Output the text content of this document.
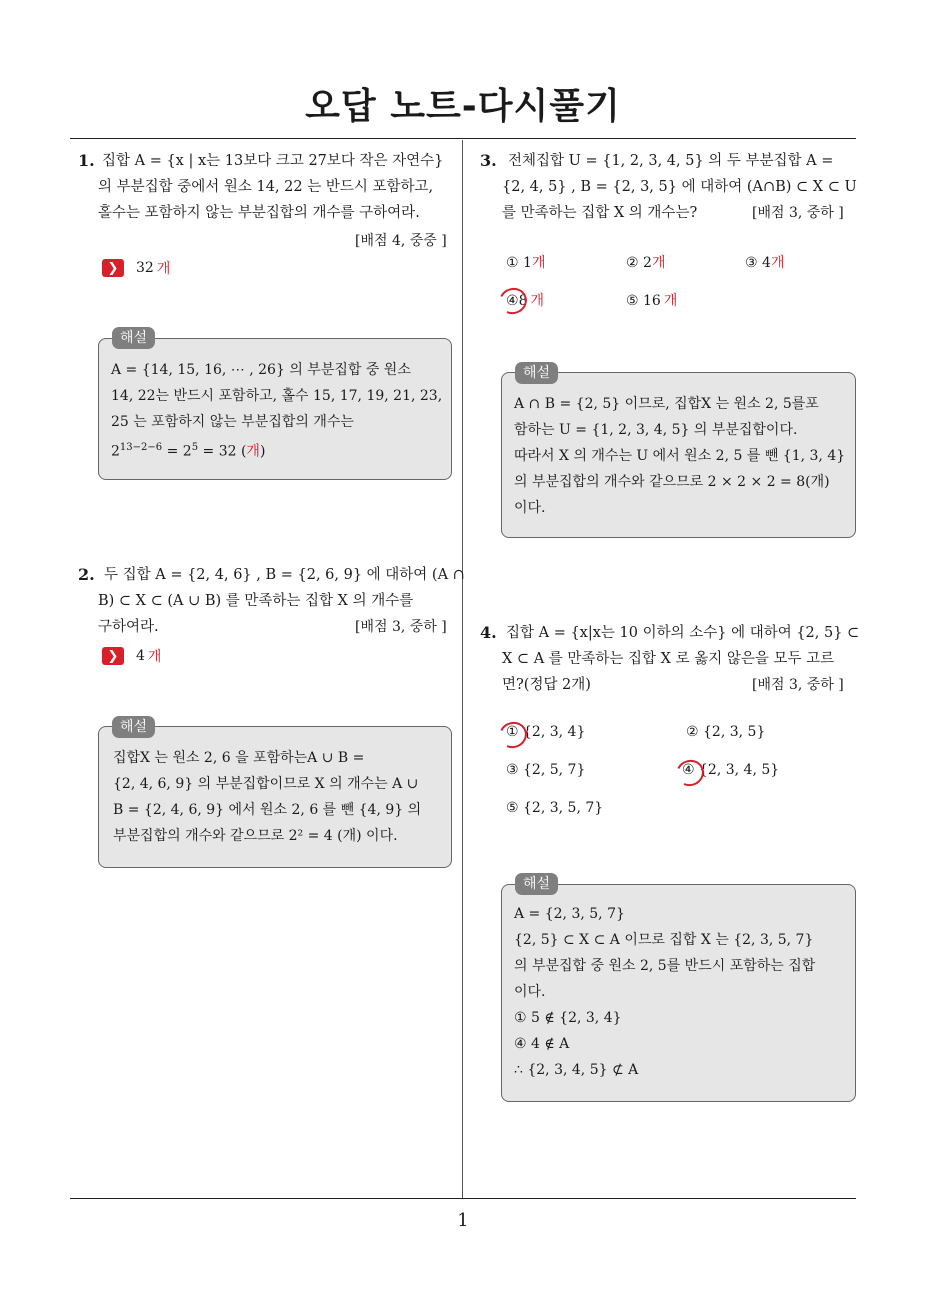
오답 노트-다시풀기
1. 집합 A = {x | x는 13보다 크고 27보다 작은 자연수}
의 부분집합 중에서 원소 14, 22 는 반드시 포함하고,
홀수는 포함하지 않는 부분집합의 개수를 구하여라.
[배점 4, 중중 ]
❯	32 개
A = {14, 15, 16, ⋯ , 26} 의 부분집합 중 원소
14, 22는 반드시 포함하고, 홀수 15, 17, 19, 21, 23,
25 는 포함하지 않는 부분집합의 개수는
$2^{13-2-6} = 2^5 = 32$ (개)
해설
2. 두 집합 A = {2, 4, 6} , B = {2, 6, 9} 에 대하여 (A ∩
B) ⊂ X ⊂ (A ∪ B) 를 만족하는 집합 X 의 개수를
구하여라.	[배점 3, 중하 ]
❯	4 개
집합X 는 원소 2, 6 을 포함하는A ∪ B =
{2, 4, 6, 9} 의 부분집합이므로 X 의 개수는 A ∪
B = {2, 4, 6, 9} 에서 원소 2, 6 를 뺀 {4, 9} 의
부분집합의 개수와 같으므로 2² = 4 (개) 이다.
해설
3. 전체집합 U = {1, 2, 3, 4, 5} 의 두 부분집합 A =
{2, 4, 5} , B = {2, 3, 5} 에 대하여 (A∩B) ⊂ X ⊂ U
를 만족하는 집합 X 의 개수는?	[배점 3, 중하 ]
① 1개	② 2개	③ 4개
④8 개	⑤ 16 개
A ∩ B = {2, 5} 이므로, 집합X 는 원소 2, 5를포
함하는 U = {1, 2, 3, 4, 5} 의 부분집합이다.
따라서 X 의 개수는 U 에서 원소 2, 5 를 뺀 {1, 3, 4}
의 부분집합의 개수와 같으므로 2 × 2 × 2 = 8(개)
이다.
해설
4. 집합 A = {x|x는 10 이하의 소수} 에 대하여 {2, 5} ⊂
X ⊂ A 를 만족하는 집합 X 로 옳지 않은을 모두 고르
면?(정답 2개)	[배점 3, 중하 ]
① {2, 3, 4}	② {2, 3, 5}
③ {2, 5, 7}	④ {2, 3, 4, 5}
⑤ {2, 3, 5, 7}
A = {2, 3, 5, 7}
{2, 5} ⊂ X ⊂ A 이므로 집합 X 는 {2, 3, 5, 7}
의 부분집합 중 원소 2, 5를 반드시 포함하는 집합
이다.
① 5 ∉ {2, 3, 4}
④ 4 ∉ A
∴ {2, 3, 4, 5} ⊄ A
해설
1
